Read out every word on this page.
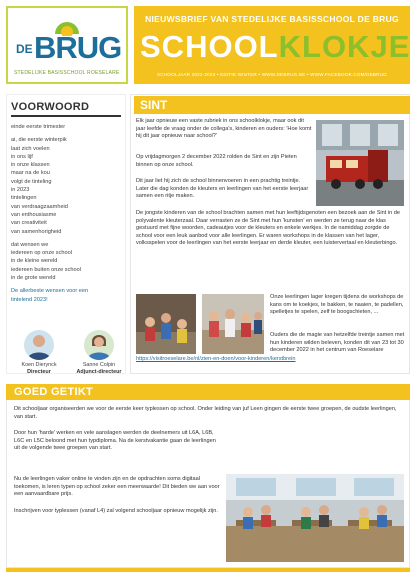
DE BRUG
STEDELIJKE BASISSCHOOL ROESELARE
NIEUWSBRIEF VAN STEDELIJKE BASISSCHOOL DE BRUG
SCHOOLKLOKJE
SCHOOLJAAR 2022-2023 • EDITIE WINTER • WWW.DEBRUG.BE • WWW.FACEBOOK.COM/DEBRUG
VOORWOORD
einde eerste trimester
ai, die eerste winterpik
laat zich voelen
in ons lijf
in onze klassen
maar na de kou
volgt de tinteling
in 2023
tintelingen
van verdraagzaamheid
van enthousiasme
van creativiteit
van samenhorigheid
dat wensen we
iedereen op onze school
in de kleine wereld
iedereen buiten onze school
in de grote wereld
De allerbeste wensen voor een
tintelend 2023!
Koen Dierynck
Directeur
Sanne Colpin
Adjunct-directeur
SINT
Elk jaar opnieuw een vaste rubriek in ons schoolklokje, maar ook dit jaar leefde de vraag onder de collega's, kinderen en ouders: 'Hoe komt hij dit jaar opnieuw naar school?'
Op vrijdagmorgen 2 december 2022 rolden de Sint en zijn Pieten binnen op onze school.
Dit jaar liet hij zich de school binnenvoeren in een prachtig treintje. Later die dag konden de kleuters en leerlingen van het eerste leerjaar samen een ritje maken.
De jongste kinderen van de school brachten samen met hun leeftijdsgenoten een bezoek aan de Sint in de polyvalente kleuterzaal. Daar verrasten ze de Sint met hun 'kunsten' en werden ze terug naar de klas gestuurd met fijne woorden, cadeautjes voor de kleuters en enkele werkjes. In de namiddag zorgde de school voor een leuk aanbod voor alle leerlingen. Er waren workshops in de klassen van het lager, volksspelen voor de leerlingen van het eerste leerjaar en derde kleuter, een luistervertaal en kleuterbingo.
Onze leerlingen lager kregen tijdens de workshops de kans om te koekjes, te bakken, te naaien, te padellen, spelletjes te spelen, zelf te boogschieten, ...
Ouders die de magie van hetzelfde treintje samen met hun kinderen wilden beleven, konden dit van 23 tot 30 december 2022 in het centrum van Roeselare
https://visitroeselare.be/nl/zien-en-doen/voor-kinderen/kerstbrein
GOED GETIKT
Dit schooljaar organiseerden we voor de eerste keer typlessen op school. Onder leiding van juf Leen gingen de eerste twee groepen, de oudste leerlingen, van start.
Door hun 'harde' werken en vele aanslagen werden de deelnemers uit L6A, L6B, L6C en L5C beloond met hun typdiploma. Na de kerstvakantie gaan de leerlingen uit de volgende twee groepen van start.
Nu de leerlingen vaker online te vinden zijn en de opdrachten soms digitaal toekomen, is leren typen op school zeker een meerwaarde! Dit bieden we aan voor een aanvaardbare prijs.
Inschrijven voor typlessen (vanaf L4) zal volgend schooljaar opnieuw mogelijk zijn.
